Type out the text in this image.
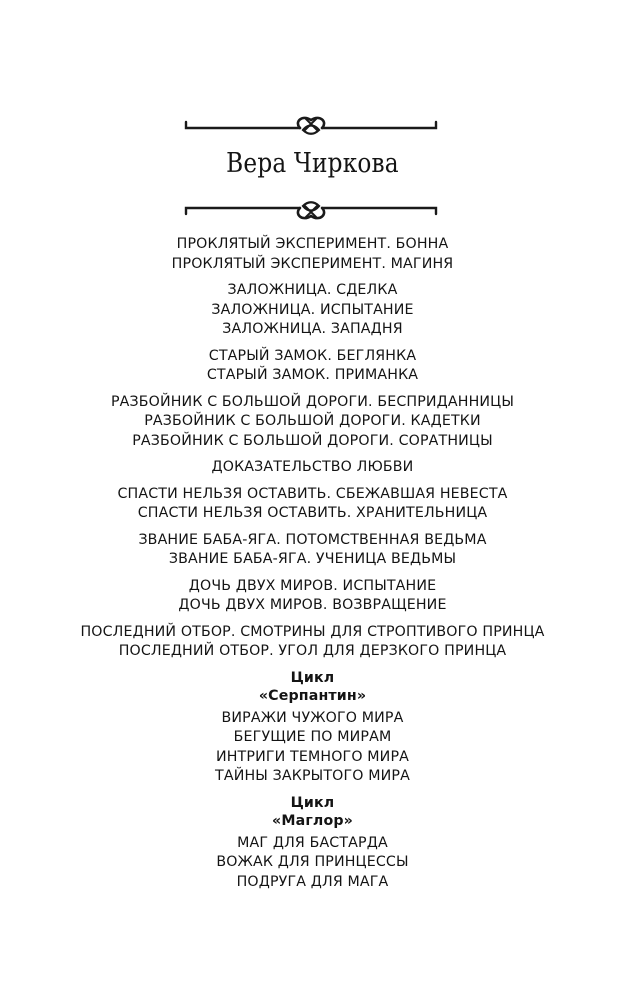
Вера Чиркова
ПРОКЛЯТЫЙ ЭКСПЕРИМЕНТ. БОННА
ПРОКЛЯТЫЙ ЭКСПЕРИМЕНТ. МАГИНЯ
ЗАЛОЖНИЦА. СДЕЛКА
ЗАЛОЖНИЦА. ИСПЫТАНИЕ
ЗАЛОЖНИЦА. ЗАПАДНЯ
СТАРЫЙ ЗАМОК. БЕГЛЯНКА
СТАРЫЙ ЗАМОК. ПРИМАНКА
РАЗБОЙНИК С БОЛЬШОЙ ДОРОГИ. БЕСПРИДАННИЦЫ
РАЗБОЙНИК С БОЛЬШОЙ ДОРОГИ. КАДЕТКИ
РАЗБОЙНИК С БОЛЬШОЙ ДОРОГИ. СОРАТНИЦЫ
ДОКАЗАТЕЛЬСТВО ЛЮБВИ
СПАСТИ НЕЛЬЗЯ ОСТАВИТЬ. СБЕЖАВШАЯ НЕВЕСТА
СПАСТИ НЕЛЬЗЯ ОСТАВИТЬ. ХРАНИТЕЛЬНИЦА
ЗВАНИЕ БАБА-ЯГА. ПОТОМСТВЕННАЯ ВЕДЬМА
ЗВАНИЕ БАБА-ЯГА. УЧЕНИЦА ВЕДЬМЫ
ДОЧЬ ДВУХ МИРОВ. ИСПЫТАНИЕ
ДОЧЬ ДВУХ МИРОВ. ВОЗВРАЩЕНИЕ
ПОСЛЕДНИЙ ОТБОР. СМОТРИНЫ ДЛЯ СТРОПТИВОГО ПРИНЦА
ПОСЛЕДНИЙ ОТБОР. УГОЛ ДЛЯ ДЕРЗКОГО ПРИНЦА
Цикл
«Серпантин»
ВИРАЖИ ЧУЖОГО МИРА
БЕГУЩИЕ ПО МИРАМ
ИНТРИГИ ТЕМНОГО МИРА
ТАЙНЫ ЗАКРЫТОГО МИРА
Цикл
«Маглор»
МАГ ДЛЯ БАСТАРДА
ВОЖАК ДЛЯ ПРИНЦЕССЫ
ПОДРУГА ДЛЯ МАГА
